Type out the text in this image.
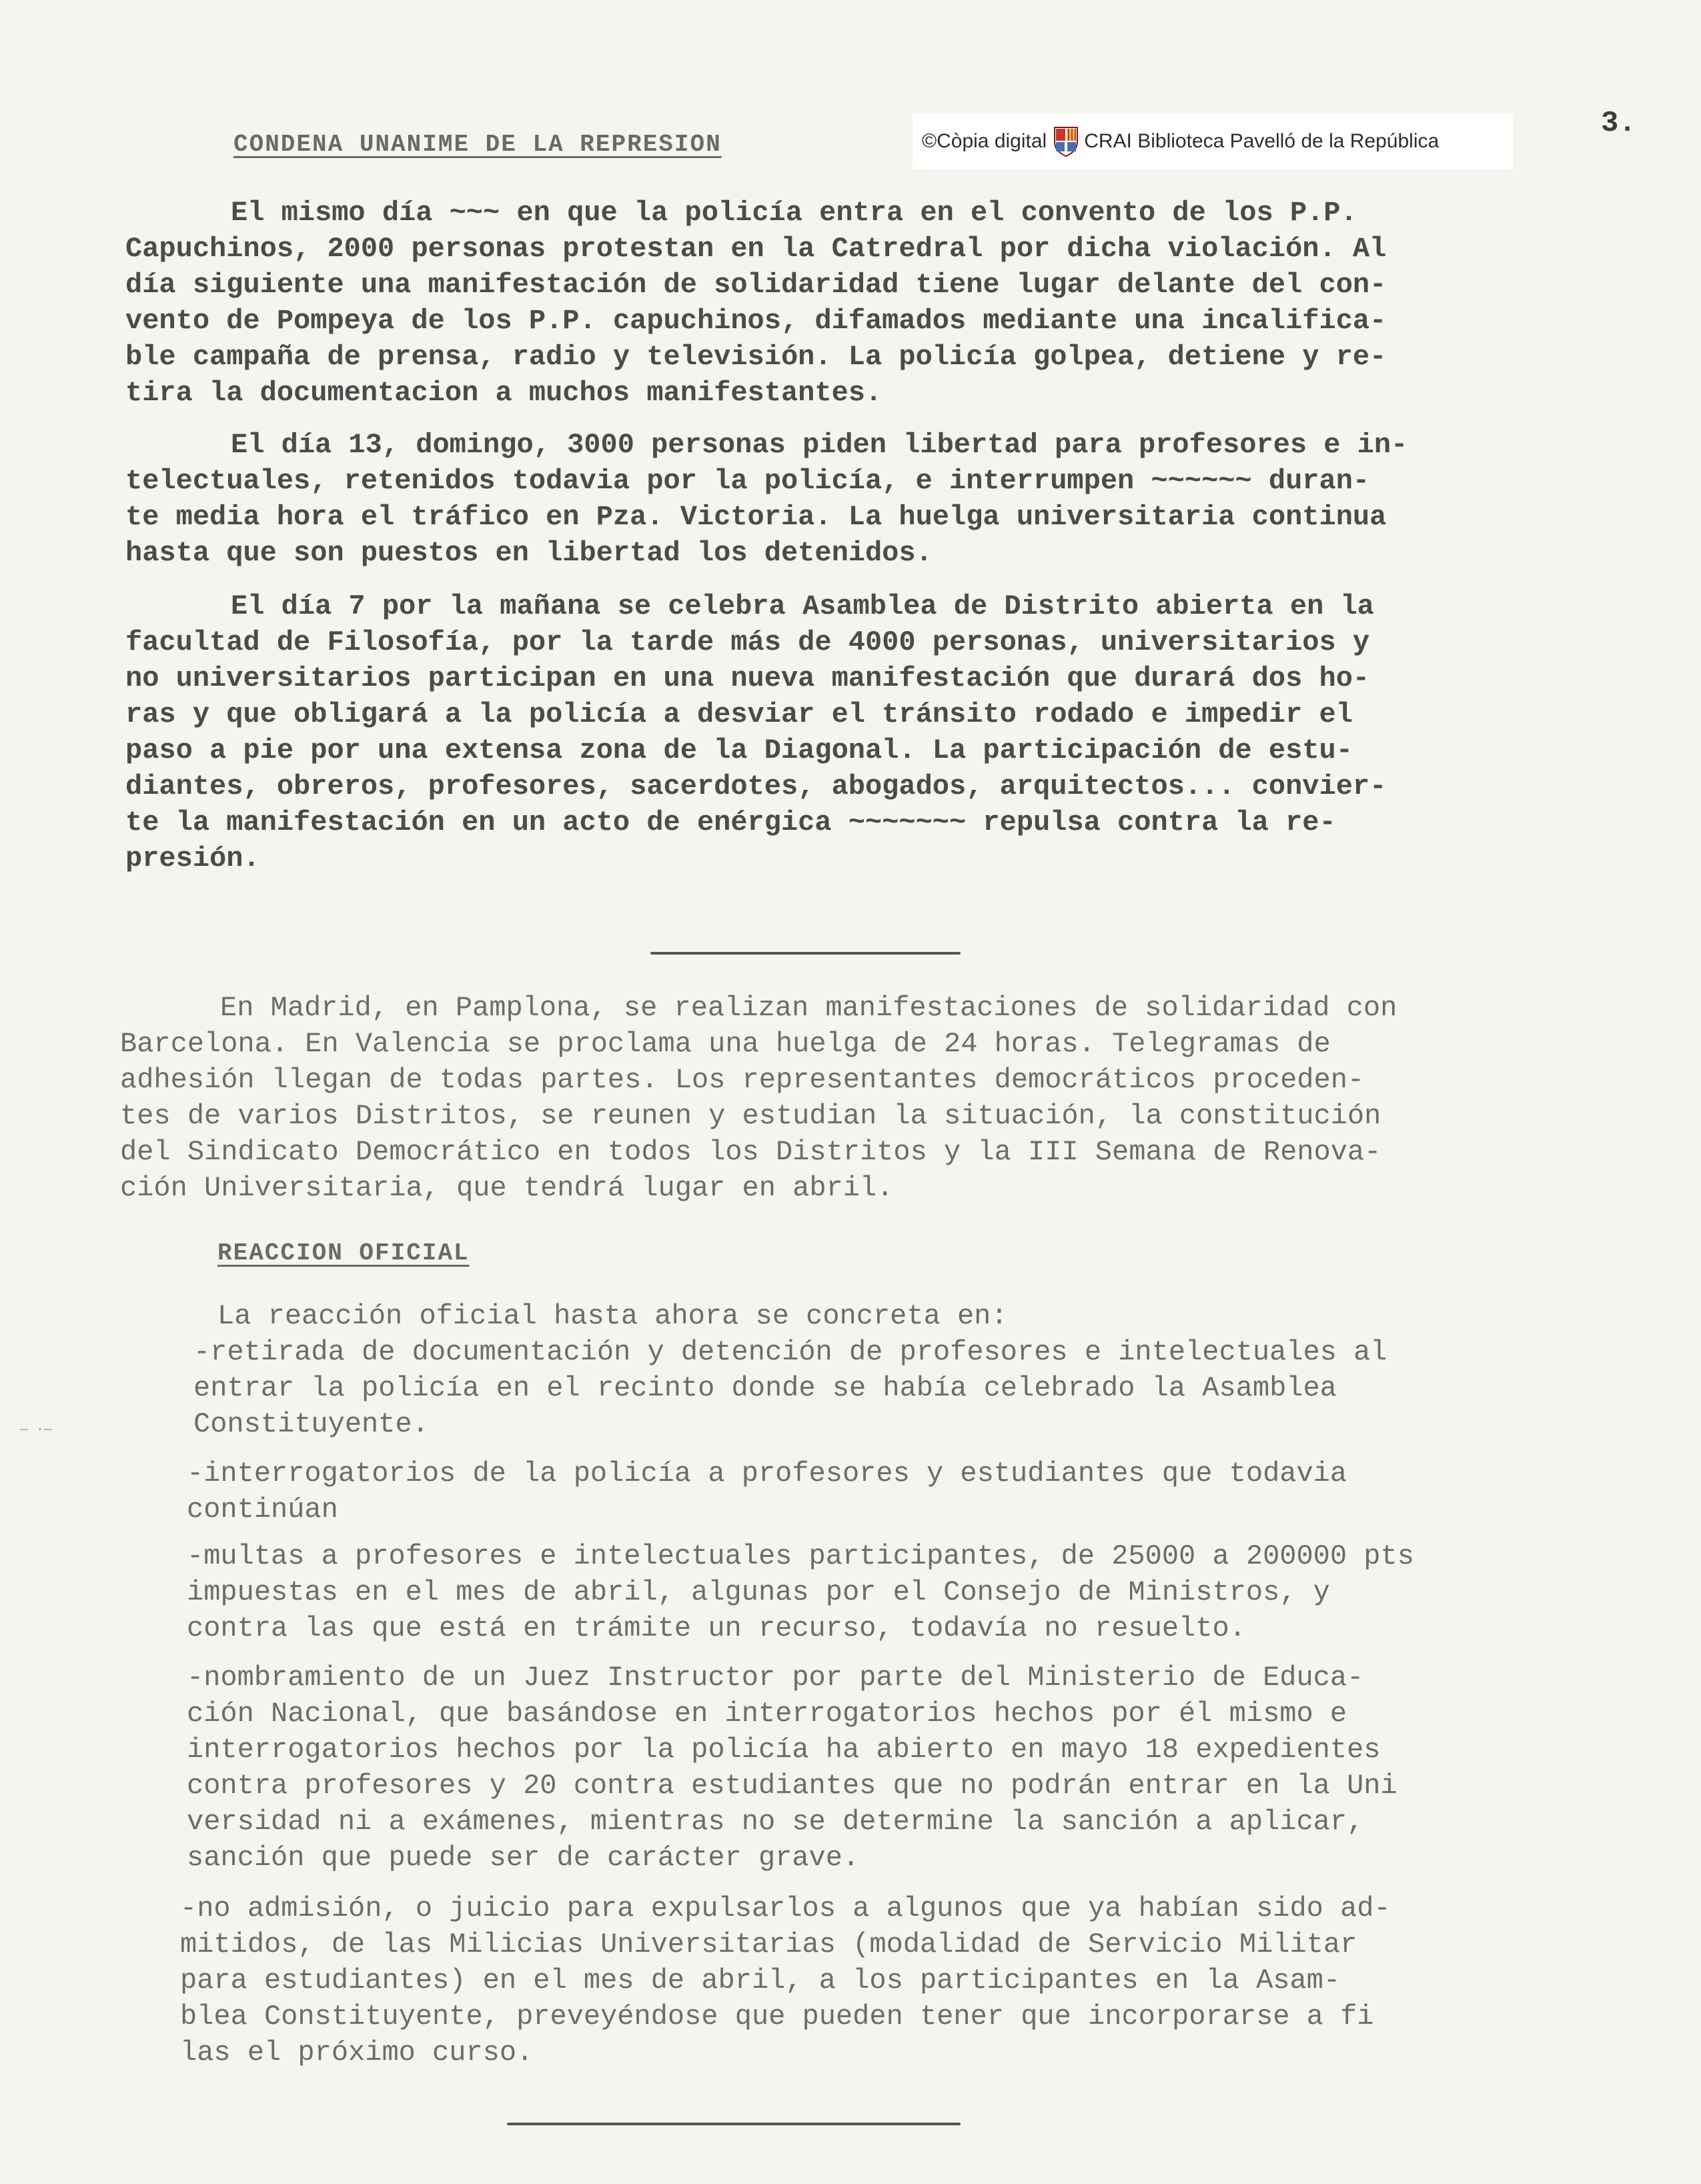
©Còpia digital CRAI Biblioteca Pavelló de la República
3.
CONDENA UNANIME DE LA REPRESION
El mismo día ~~~ en que la policía entra en el convento de los P.P.
Capuchinos, 2000 personas protestan en la Catredral por dicha violación. Al
día siguiente una manifestación de solidaridad tiene lugar delante del con-
vento de Pompeya de los P.P. capuchinos, difamados mediante una incalifica-
ble campaña de prensa, radio y televisión. La policía golpea, detiene y re-
tira la documentacion a muchos manifestantes.
El día 13, domingo, 3000 personas piden libertad para profesores e in-
telectuales, retenidos todavia por la policía, e interrumpen ~~~~~~ duran-
te media hora el tráfico en Pza. Victoria. La huelga universitaria continua
hasta que son puestos en libertad los detenidos.
El día 7 por la mañana se celebra Asamblea de Distrito abierta en la
facultad de Filosofía, por la tarde más de 4000 personas, universitarios y
no universitarios participan en una nueva manifestación que durará dos ho-
ras y que obligará a la policía a desviar el tránsito rodado e impedir el
paso a pie por una extensa zona de la Diagonal. La participación de estu-
diantes, obreros, profesores, sacerdotes, abogados, arquitectos... convier-
te la manifestación en un acto de enérgica ~~~~~~~ repulsa contra la re-
presión.
En Madrid, en Pamplona, se realizan manifestaciones de solidaridad con
Barcelona. En Valencia se proclama una huelga de 24 horas. Telegramas de
adhesión llegan de todas partes. Los representantes democráticos proceden-
tes de varios Distritos, se reunen y estudian la situación, la constitución
del Sindicato Democrático en todos los Distritos y la III Semana de Renova-
ción Universitaria, que tendrá lugar en abril.
REACCION OFICIAL
La reacción oficial hasta ahora se concreta en:
-retirada de documentación y detención de profesores e intelectuales al
entrar la policía en el recinto donde se había celebrado la Asamblea
Constituyente.
-interrogatorios de la policía a profesores y estudiantes que todavia
continúan
-multas a profesores e intelectuales participantes, de 25000 a 200000 pts
impuestas en el mes de abril, algunas por el Consejo de Ministros, y
contra las que está en trámite un recurso, todavía no resuelto.
-nombramiento de un Juez Instructor por parte del Ministerio de Educa-
ción Nacional, que basándose en interrogatorios hechos por él mismo e
interrogatorios hechos por la policía ha abierto en mayo 18 expedientes
contra profesores y 20 contra estudiantes que no podrán entrar en la Uni
versidad ni a exámenes, mientras no se determine la sanción a aplicar,
sanción que puede ser de carácter grave.
-no admisión, o juicio para expulsarlos a algunos que ya habían sido ad-
mitidos, de las Milicias Universitarias (modalidad de Servicio Militar
para estudiantes) en el mes de abril, a los participantes en la Asam-
blea Constituyente, preveyéndose que pueden tener que incorporarse a fi
las el próximo curso.
— ·—
